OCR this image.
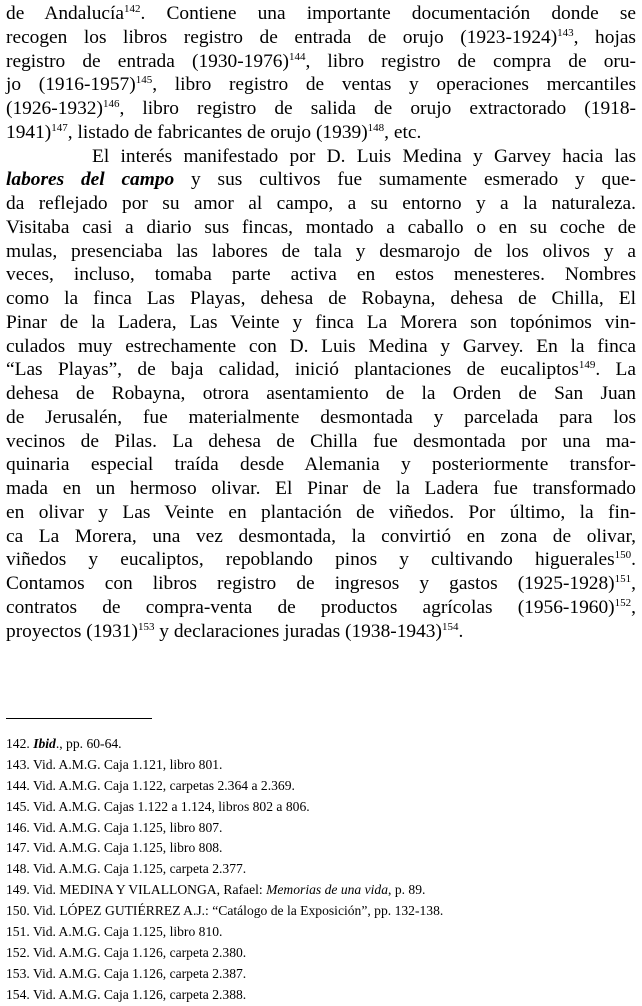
de Andalucía$^{142}$. Contiene una importante documentación donde se
recogen los libros registro de entrada de orujo (1923-1924)$^{143}$, hojas
registro de entrada (1930-1976)$^{144}$, libro registro de compra de oru-
jo (1916-1957)$^{145}$, libro registro de ventas y operaciones mercantiles
(1926-1932)$^{146}$, libro registro de salida de orujo extractorado (1918-
1941)$^{147}$, listado de fabricantes de orujo $(1939)^{148}$, etc.
El interés manifestado por D. Luis Medina y Garvey hacia las
labores del campo y sus cultivos fue sumamente esmerado y que-
da reflejado por su amor al campo, a su entorno y a la naturaleza.
Visitaba casi a diario sus fincas, montado a caballo o en su coche de
mulas, presenciaba las labores de tala y desmarojo de los olivos y a
veces, incluso, tomaba parte activa en estos menesteres. Nombres
como la finca Las Playas, dehesa de Robayna, dehesa de Chilla, El
Pinar de la Ladera, Las Veinte y finca La Morera son topónimos vin-
culados muy estrechamente con D. Luis Medina y Garvey. En la finca
“Las Playas”, de baja calidad, inició plantaciones de eucaliptos$^{149}$. La
dehesa de Robayna, otrora asentamiento de la Orden de San Juan
de Jerusalén, fue materialmente desmontada y parcelada para los
vecinos de Pilas. La dehesa de Chilla fue desmontada por una ma-
quinaria especial traída desde Alemania y posteriormente transfor-
mada en un hermoso olivar. El Pinar de la Ladera fue transformado
en olivar y Las Veinte en plantación de viñedos. Por último, la fin-
ca La Morera, una vez desmontada, la convirtió en zona de olivar,
viñedos y eucaliptos, repoblando pinos y cultivando higuerales$^{150}$.
Contamos con libros registro de ingresos y gastos (1925-1928)$^{151}$,
contratos de compra-venta de productos agrícolas (1956-1960)$^{152}$,
proyectos $(1931)^{153}$ y declaraciones juradas (1938-1943)$^{154}$.
142. Ibid., pp. 60-64.
143. Vid. A.M.G. Caja 1.121, libro 801.
144. Vid. A.M.G. Caja 1.122, carpetas 2.364 a 2.369.
145. Vid. A.M.G. Cajas 1.122 a 1.124, libros 802 a 806.
146. Vid. A.M.G. Caja 1.125, libro 807.
147. Vid. A.M.G. Caja 1.125, libro 808.
148. Vid. A.M.G. Caja 1.125, carpeta 2.377.
149. Vid. MEDINA Y VILALLONGA, Rafael: Memorias de una vida, p. 89.
150. Vid. LÓPEZ GUTIÉRREZ A.J.: “Catálogo de la Exposición”, pp. 132-138.
151. Vid. A.M.G. Caja 1.125, libro 810.
152. Vid. A.M.G. Caja 1.126, carpeta 2.380.
153. Vid. A.M.G. Caja 1.126, carpeta 2.387.
154. Vid. A.M.G. Caja 1.126, carpeta 2.388.
